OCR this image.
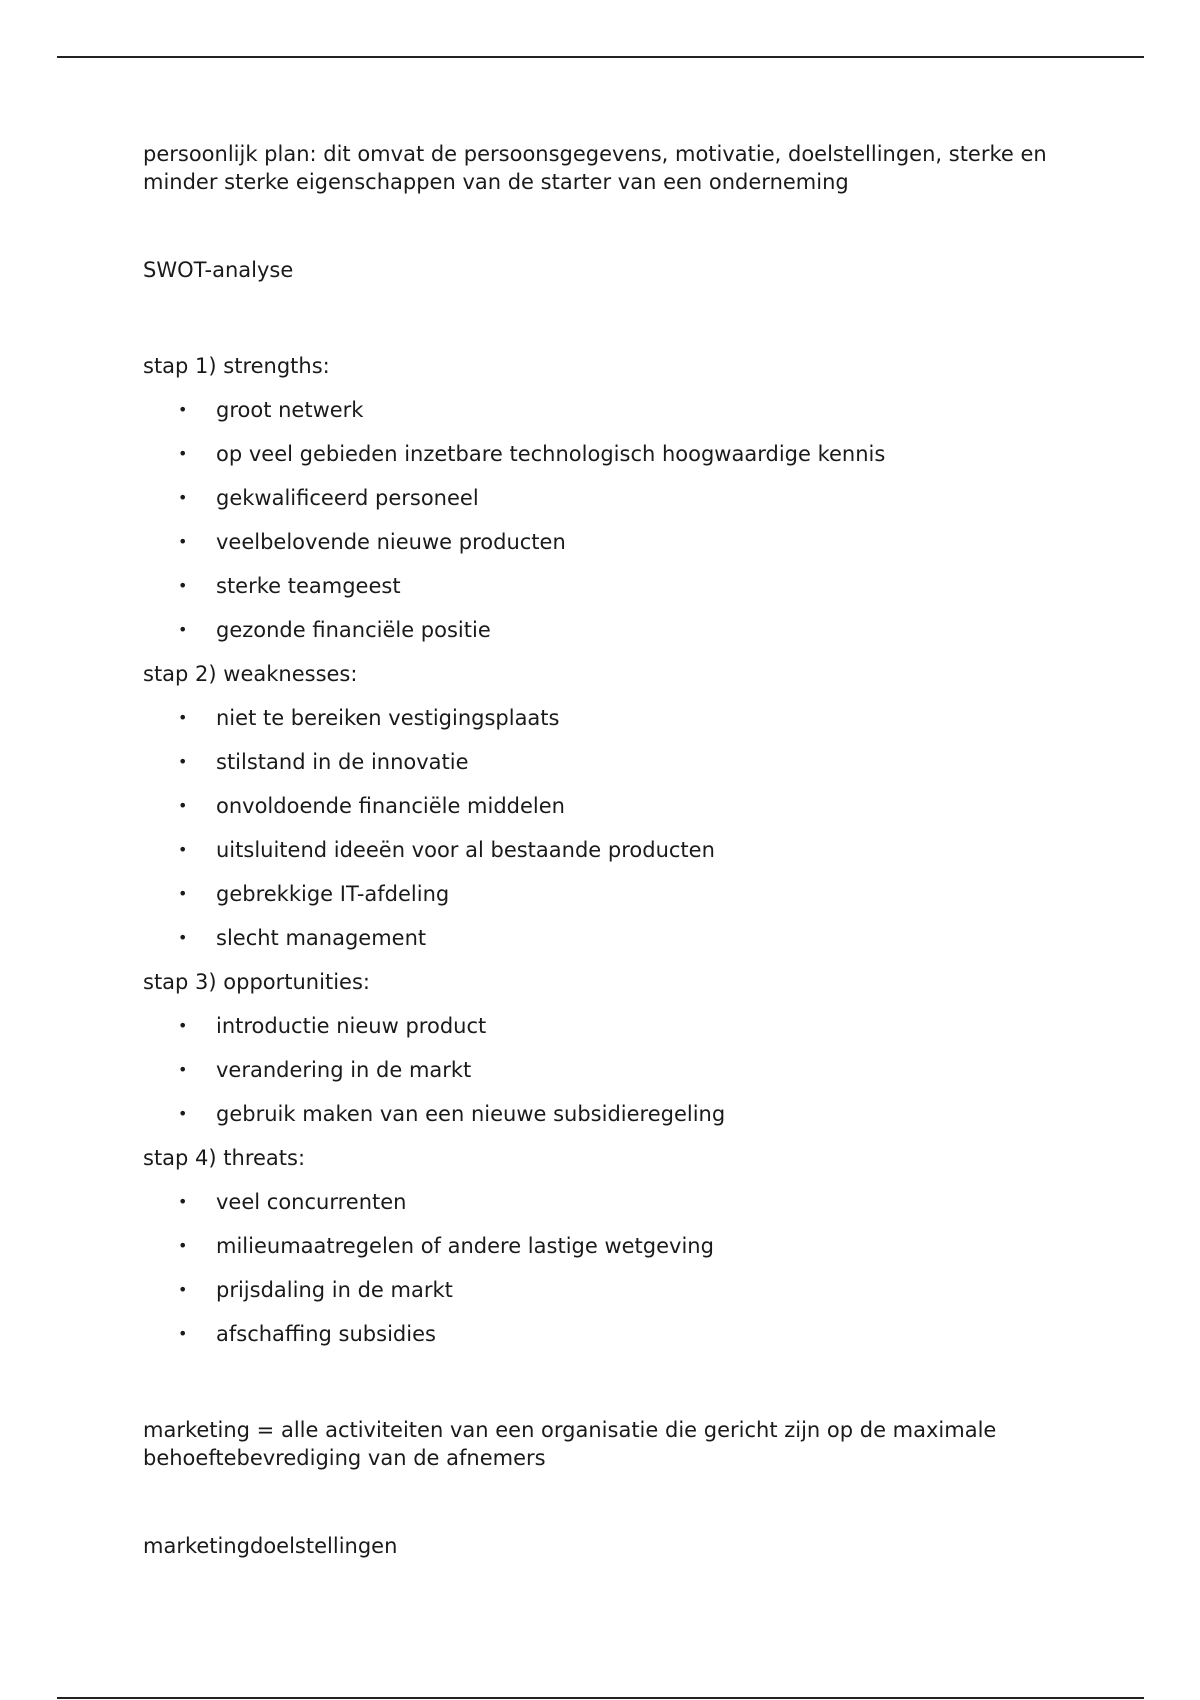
persoonlijk plan: dit omvat de persoonsgegevens, motivatie, doelstellingen, sterke en minder sterke eigenschappen van de starter van een onderneming

SWOT-analyse

stap 1) strengths:

• groot netwerk
• op veel gebieden inzetbare technologisch hoogwaardige kennis
• gekwalificeerd personeel
• veelbelovende nieuwe producten
• sterke teamgeest
• gezonde financiële positie

stap 2) weaknesses:

• niet te bereiken vestigingsplaats
• stilstand in de innovatie
• onvoldoende financiële middelen
• uitsluitend ideeën voor al bestaande producten
• gebrekkige IT-afdeling
• slecht management

stap 3) opportunities:

• introductie nieuw product
• verandering in de markt
• gebruik maken van een nieuwe subsidieregeling

stap 4) threats:

• veel concurrenten
• milieumaatregelen of andere lastige wetgeving
• prijsdaling in de markt
• afschaffing subsidies

marketing = alle activiteiten van een organisatie die gericht zijn op de maximale behoeftebevrediging van de afnemers

marketingdoelstellingen
